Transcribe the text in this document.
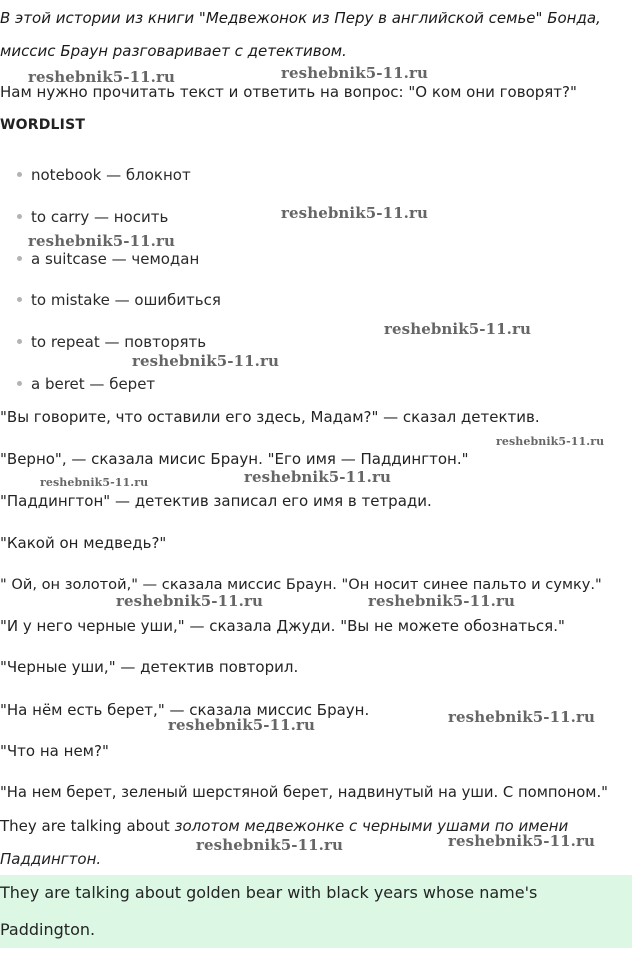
В этой истории из книги "Медвежонок из Перу в английской семье" Бонда,
миссис Браун разговаривает с детективом.
Нам нужно прочитать текст и ответить на вопрос: "О ком они говорят?"
WORDLIST
notebook — блокнот
to carry — носить
a suitcase — чемодан
to mistake — ошибиться
to repeat — повторять
a beret — берет
"Вы говорите, что оставили его здесь, Мадам?" — сказал детектив.
"Верно", — сказала мисис Браун. "Его имя — Паддингтон."
"Паддингтон" — детектив записал его имя в тетради.
"Какой он медведь?"
" Ой, он золотой," — сказала миссис Браун. "Он носит синее пальто и сумку."
"И у него черные уши," — сказала Джуди. "Вы не можете обознаться."
"Черные уши," — детектив повторил.
"На нём есть берет," — сказала миссис Браун.
"Что на нем?"
"На нем берет, зеленый шерстяной берет, надвинутый на уши. С помпоном."
They are talking about золотом медвежонке с черными ушами по имени
Паддингтон.
They are talking about golden bear with black years whose name's
Paddington.
reshebnik5-11.ru	reshebnik5-11.ru
reshebnik5-11.ru
reshebnik5-11.ru
reshebnik5-11.ru
reshebnik5-11.ru
reshebnik5-11.ru
reshebnik5-11.ru	reshebnik5-11.ru
reshebnik5-11.ru	reshebnik5-11.ru
reshebnik5-11.ru
reshebnik5-11.ru
reshebnik5-11.ru
reshebnik5-11.ru
